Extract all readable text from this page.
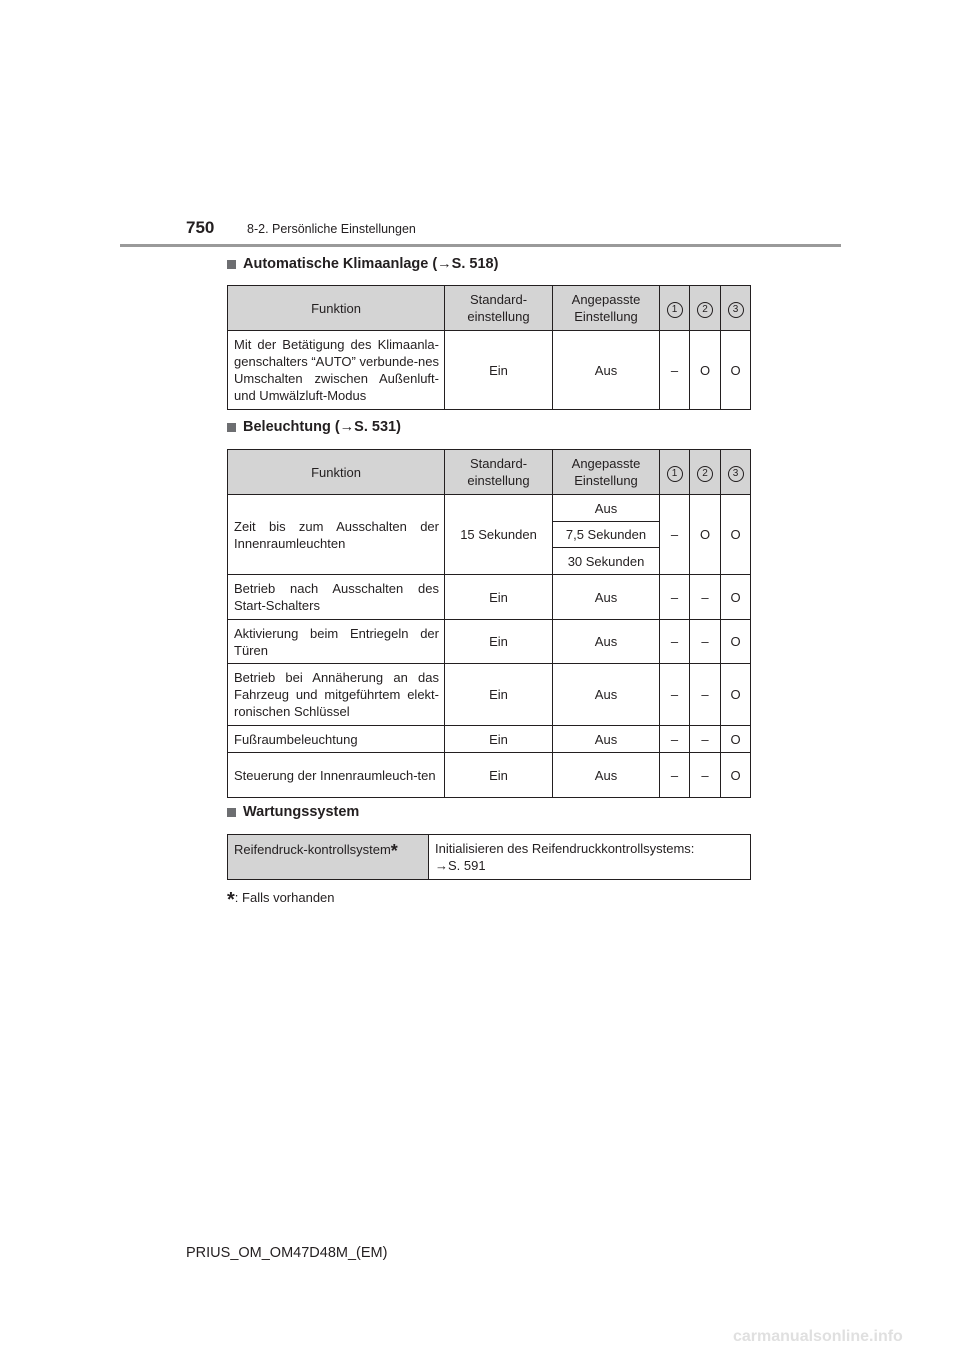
750	8-2. Persönliche Einstellungen
Automatische Klimaanlage (→S. 518)
Funktion	Standard-einstellung	Angepasste Einstellung	1	2	3
Mit der Betätigung des Klimaanla-genschalters “AUTO” verbunde-nes Umschalten zwischen Außenluft- und Umwälzluft-Modus	Ein	Aus	–	O	O
Beleuchtung (→S. 531)
Funktion	Standard-einstellung	Angepasste Einstellung	1	2	3
Zeit bis zum Ausschalten der Innenraumleuchten	15 Sekunden	Aus	–	O	O
		7,5 Sekunden			
		30 Sekunden			
Betrieb nach Ausschalten des Start-Schalters	Ein	Aus	–	–	O
Aktivierung beim Entriegeln der Türen	Ein	Aus	–	–	O
Betrieb bei Annäherung an das Fahrzeug und mitgeführtem elekt-ronischen Schlüssel	Ein	Aus	–	–	O
Fußraumbeleuchtung	Ein	Aus	–	–	O
Steuerung der Innenraumleuch-ten	Ein	Aus	–	–	O
Wartungssystem
Reifendruck-kontrollsystem*	Initialisieren des Reifendruckkontrollsystems:
→S. 591
*: Falls vorhanden
PRIUS_OM_OM47D48M_(EM)
carmanualsonline.info
